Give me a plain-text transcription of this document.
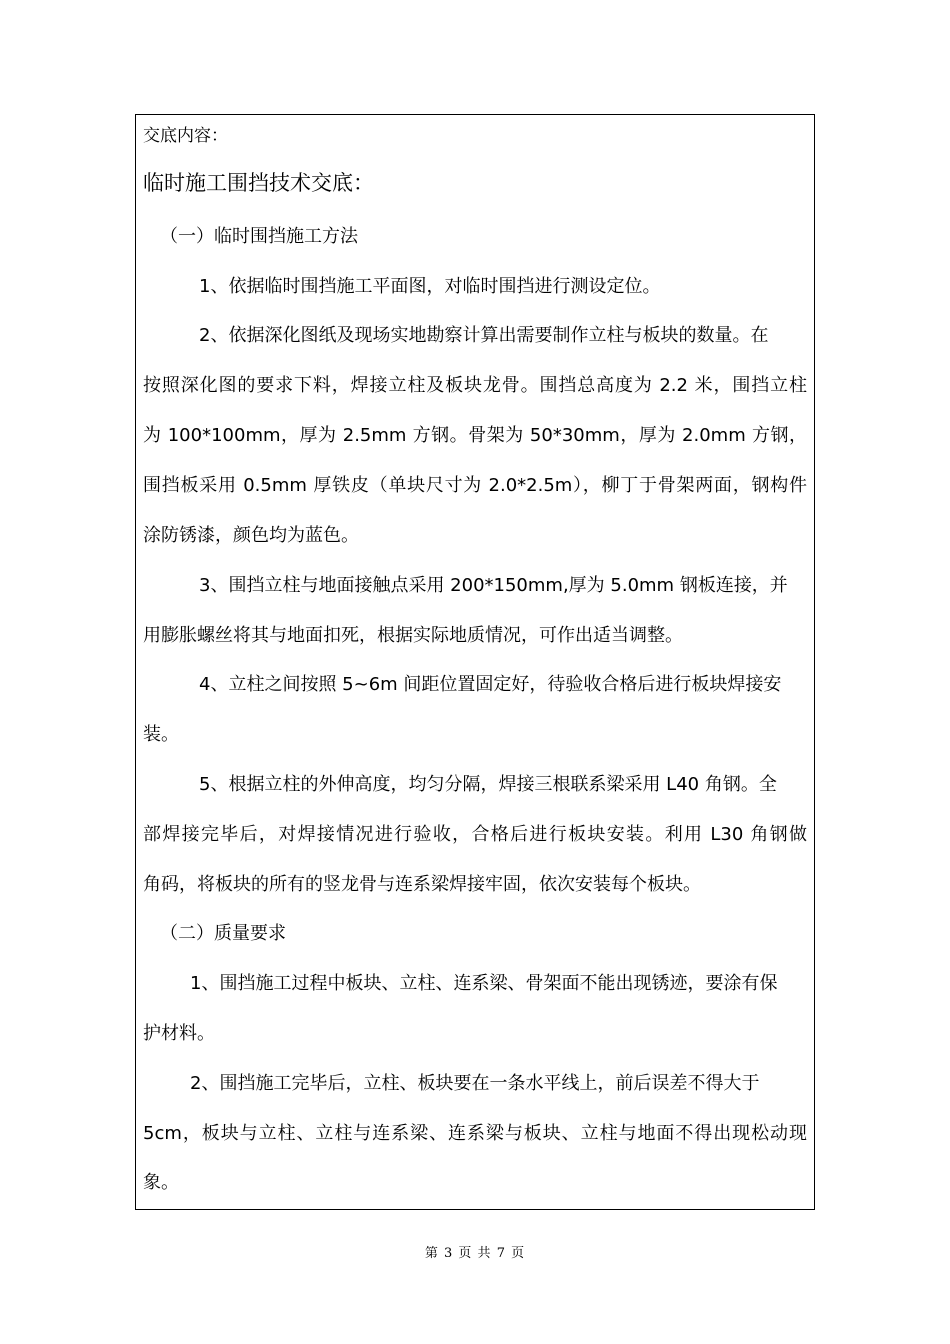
交底内容：
临时施工围挡技术交底：
（一）临时围挡施工方法
1、依据临时围挡施工平面图，对临时围挡进行测设定位。
2、依据深化图纸及现场实地勘察计算出需要制作立柱与板块的数量。在
按照深化图的要求下料，焊接立柱及板块龙骨。围挡总高度为 2.2 米，围挡立柱
为 100*100mm，厚为 2.5mm 方钢。骨架为 50*30mm，厚为 2.0mm 方钢，
围挡板采用 0.5mm 厚铁皮（单块尺寸为 2.0*2.5m），柳丁于骨架两面，钢构件
涂防锈漆，颜色均为蓝色。
3、围挡立柱与地面接触点采用 200*150mm,厚为 5.0mm 钢板连接，并
用膨胀螺丝将其与地面扣死，根据实际地质情况，可作出适当调整。
4、立柱之间按照 5~6m 间距位置固定好，待验收合格后进行板块焊接安
装。
5、根据立柱的外伸高度，均匀分隔，焊接三根联系梁采用 L40 角钢。全
部焊接完毕后，对焊接情况进行验收，合格后进行板块安装。利用 L30 角钢做
角码，将板块的所有的竖龙骨与连系梁焊接牢固，依次安装每个板块。
（二）质量要求
1、围挡施工过程中板块、立柱、连系梁、骨架面不能出现锈迹，要涂有保
护材料。
2、围挡施工完毕后，立柱、板块要在一条水平线上，前后误差不得大于
5cm，板块与立柱、立柱与连系梁、连系梁与板块、立柱与地面不得出现松动现
象。
第 3 页 共 7 页
